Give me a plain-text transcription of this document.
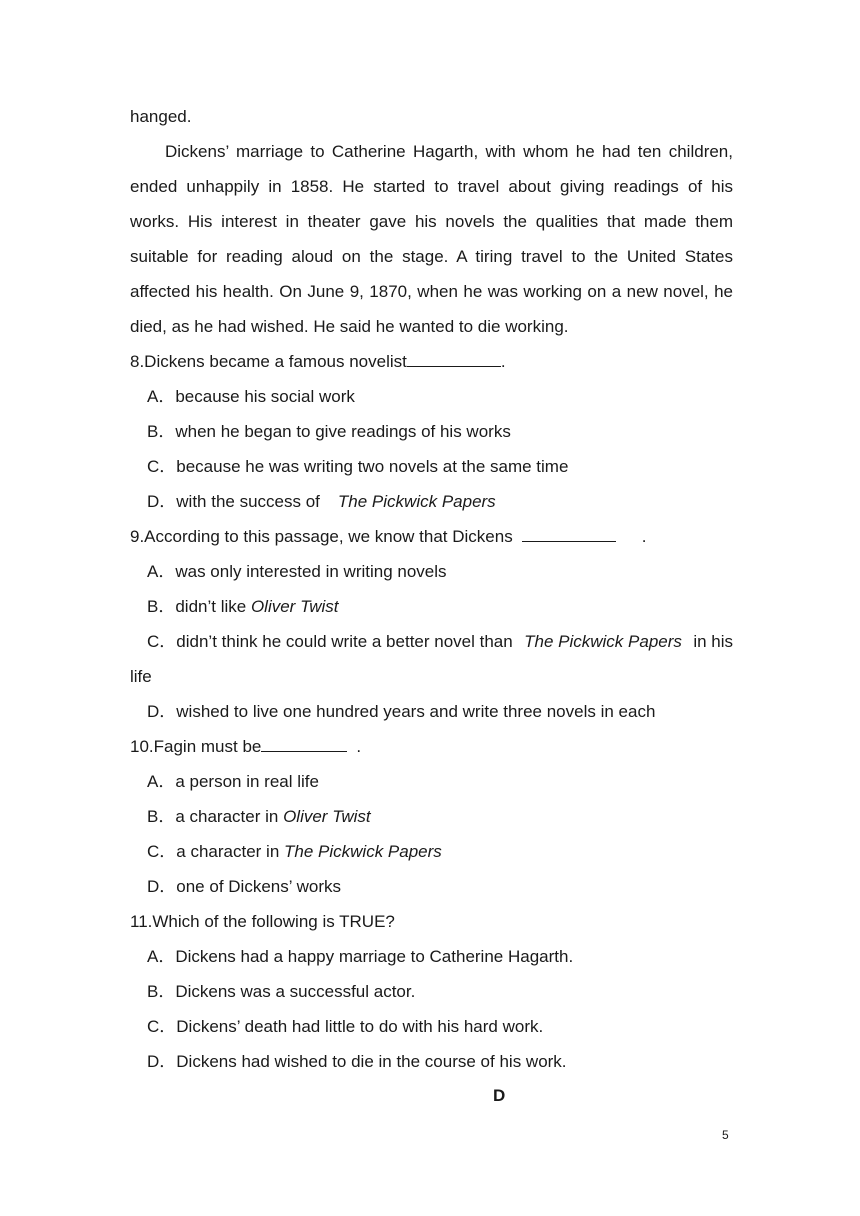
hanged.
Dickens’ marriage to Catherine Hagarth, with whom he had ten children,
ended unhappily in 1858. He started to travel about giving readings of his
works. His interest in theater gave his novels the qualities that made them
suitable for reading aloud on the stage. A tiring travel to the United States
affected his health. On June 9, 1870, when he was working on a new novel, he
died, as he had wished. He said he wanted to die working.
8.Dickens became a famous novelist	.
A．because his social work
B．when he began to give readings of his works
C．because he was writing two novels at the same time
D．with the success of The Pickwick Papers
9.According to this passage, we know that Dickens	.
A．was only interested in writing novels
B．didn’t like Oliver Twist
C．didn’t think he could write a better novel than The Pickwick Papers in his
life
D．wished to live one hundred years and write three novels in each
10.Fagin must be	.
A．a person in real life
B．a character in Oliver Twist
C．a character in The Pickwick Papers
D．one of Dickens’ works
11.Which of the following is TRUE?
A．Dickens had a happy marriage to Catherine Hagarth.
B．Dickens was a successful actor.
C．Dickens’ death had little to do with his hard work.
D．Dickens had wished to die in the course of his work.
D
5
